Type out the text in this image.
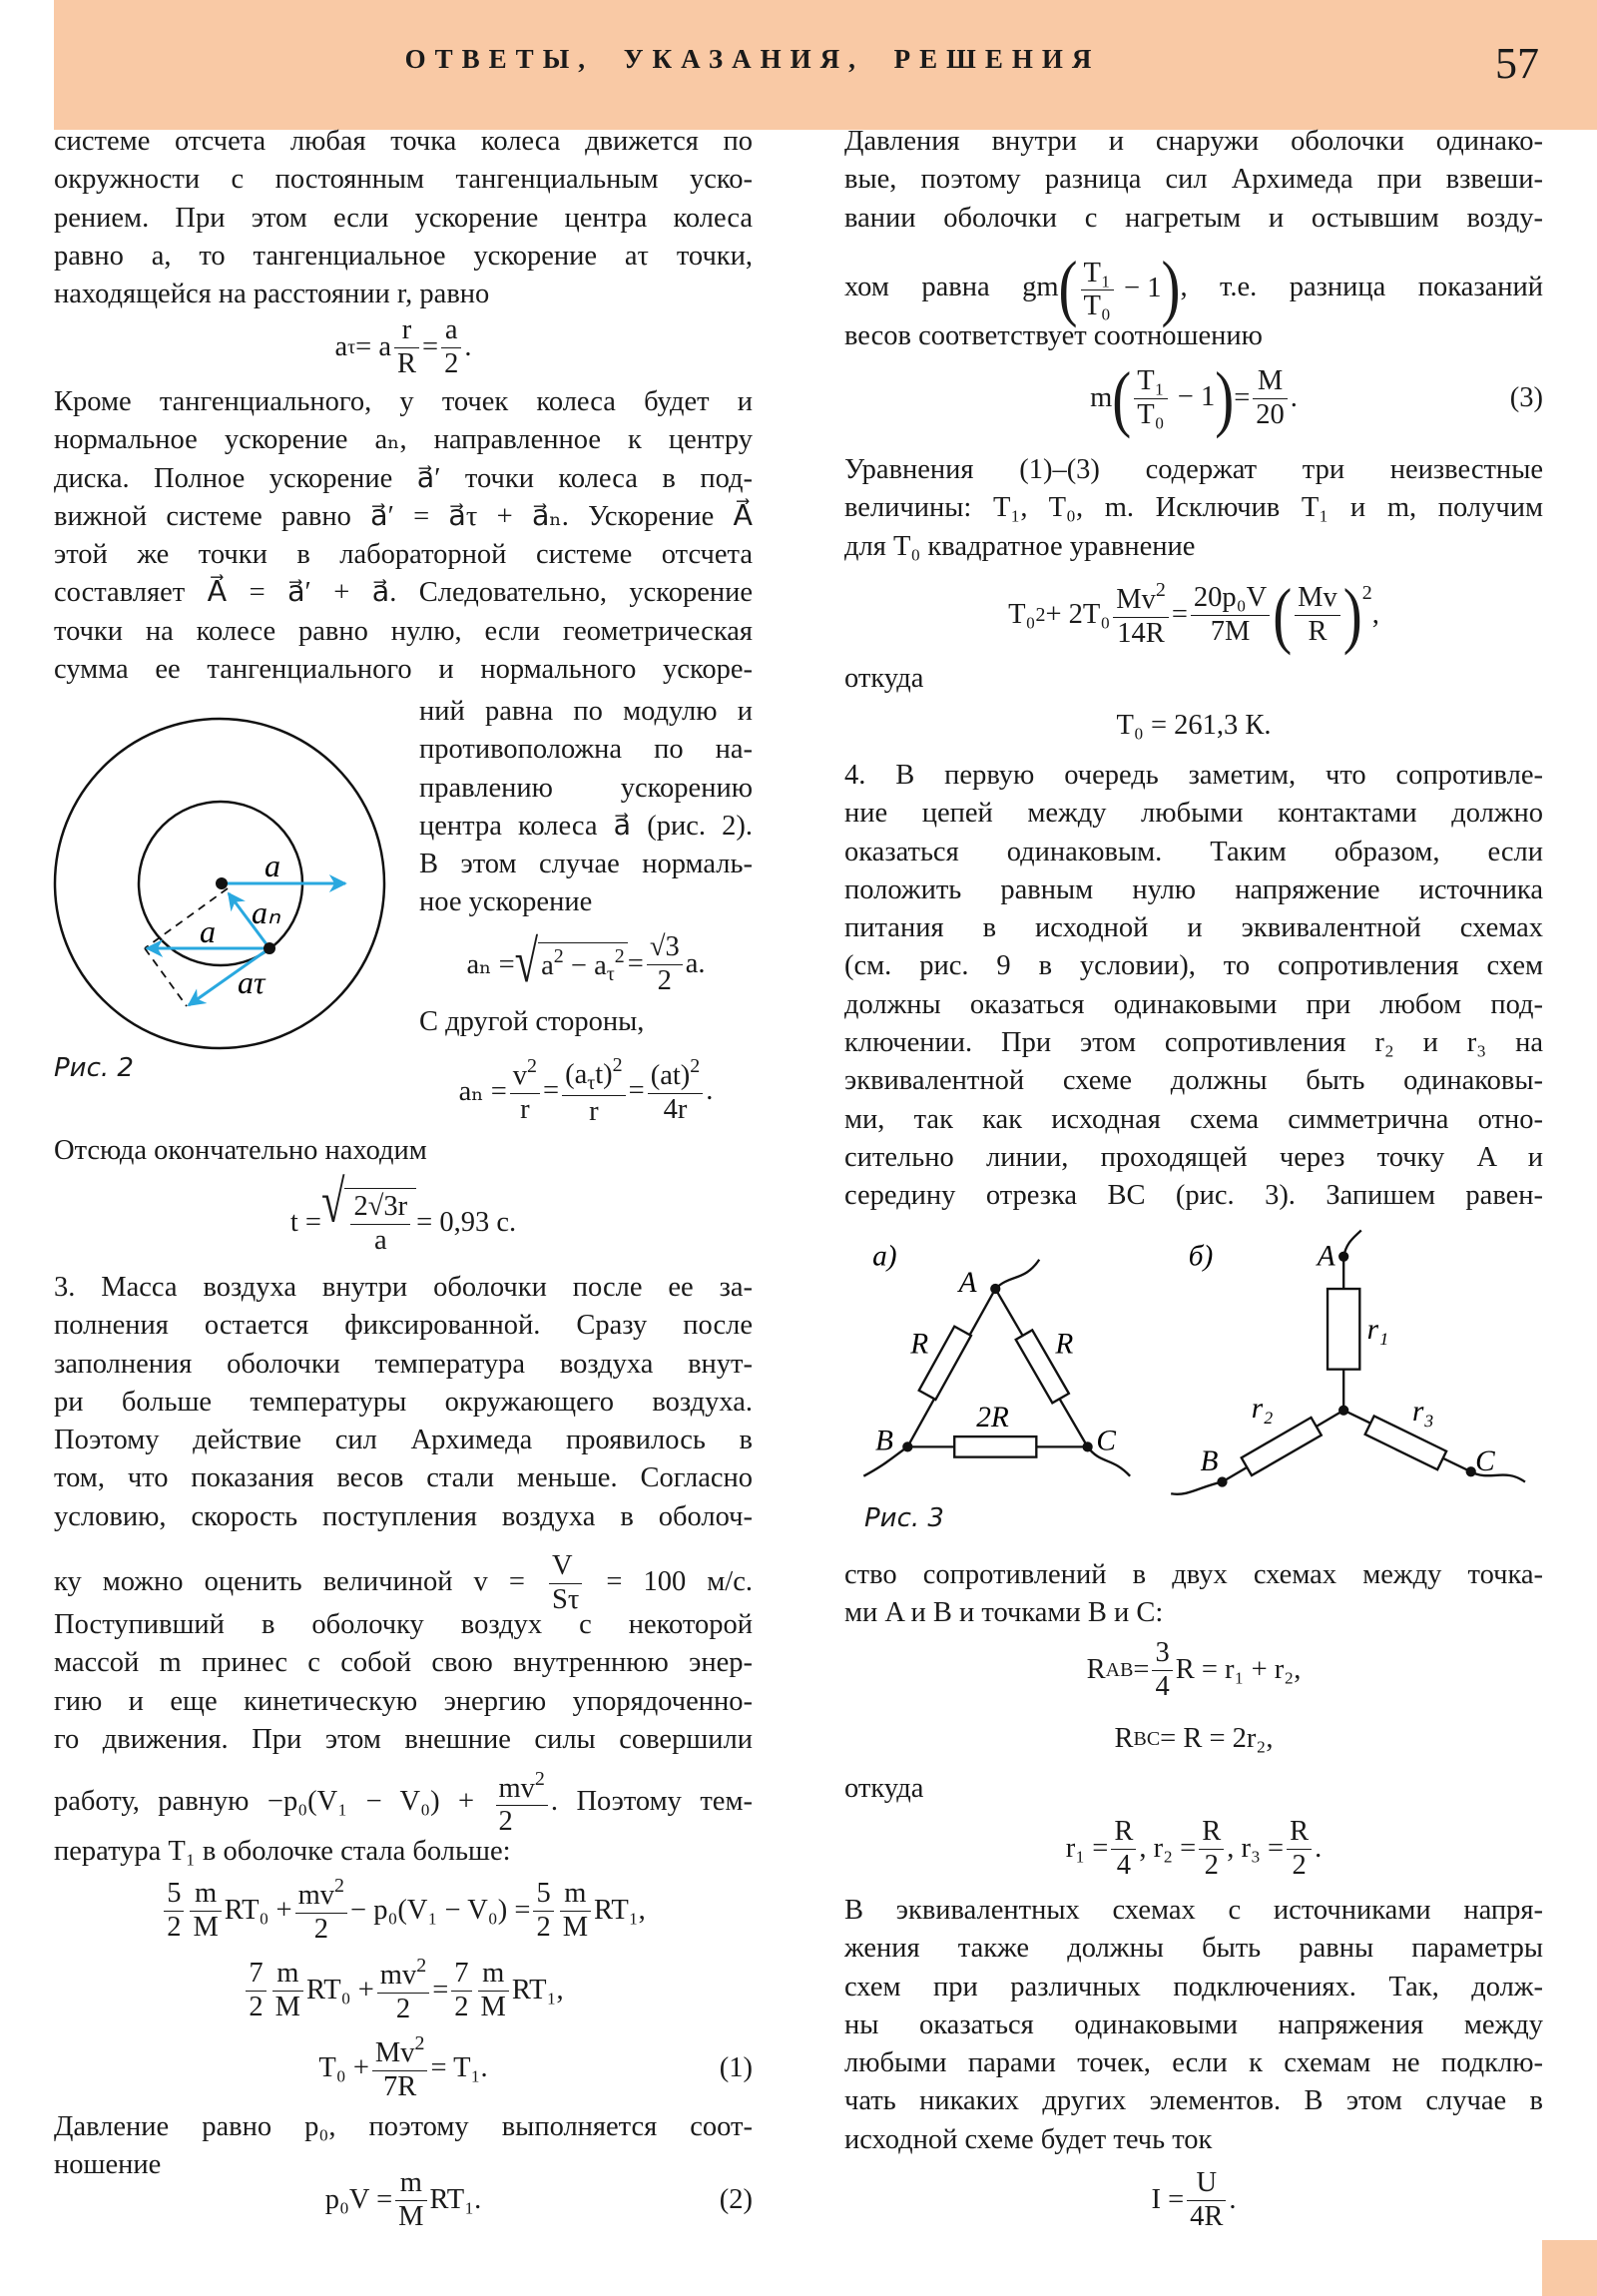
ОТВЕТЫ, УКАЗАНИЯ, РЕШЕНИЯ	57
системе отсчета любая точка колеса движется по
окружности с постоянным тангенциальным уско-
рением. При этом если ускорение центра колеса
равно a, то тангенциальное ускорение aτ точки,
находящейся на расстоянии r, равно
a τ = a $\frac{r}{R} = \frac{a}{2}$ .
Кроме тангенциального, у точек колеса будет и
нормальное ускорение aₙ, направленное к центру
диска. Полное ускорение a⃗′ точки колеса в под-
вижной системе равно a⃗′ = a⃗τ + a⃗ₙ. Ускорение A⃗
этой же точки в лабораторной системе отсчета
составляет A⃗ = a⃗′ + a⃗. Следовательно, ускорение
точки на колесе равно нулю, если геометрическая
сумма ее тангенциального и нормального ускоре-
ний равна по модулю и
противоположна по на-
правлению ускорению
центра колеса a⃗ (рис. 2).
В этом случае нормаль-
ное ускорение
a
a
aₙ
aτ
Рис. 2
aₙ = √ $a^2 - a_\tau^2 = \frac{√3}{2} a$.
С другой стороны,
$a_n = \frac{v^2}{r} = \frac{(a_\tau t)^2}{r} = \frac{(at)^2}{4r}$ .
Отсюда окончательно находим
t = √ $\frac{2√3r}{a} = 0,93$ с.
3. Масса воздуха внутри оболочки после ее за-
полнения остается фиксированной. Сразу после
заполнения оболочки температура воздуха внут-
ри больше температуры окружающего воздуха.
Поэтому действие сил Архимеда проявилось в
том, что показания весов стали меньше. Согласно
условию, скорость поступления воздуха в оболоч-
ку можно оценить величиной $v = \frac{V}{S\tau} = 100$ м/с.
Поступивший в оболочку воздух с некоторой
массой m принес с собой свою внутреннюю энер-
гию и еще кинетическую энергию упорядоченно-
го движения. При этом внешние силы совершили
работу, равную $-p_0(V_1 - V_0) + \frac{mv^2}{2}$ . Поэтому тем-
пература T₁ в оболочке стала больше:
$\frac{5}{2} \frac{m}{M} RT_0 + \frac{mv^2}{2} - p_0(V_1 - V_0) = \frac{5}{2} \frac{m}{M} RT_1$,
$\frac{7}{2} \frac{m}{M} RT_0 + \frac{mv^2}{2} = \frac{7}{2} \frac{m}{M} RT_1$,
$T_0 + \frac{Mv^2}{7R} = T_1$.	(1)
Давление равно p₀, поэтому выполняется соот-
ношение
$p_0V = \frac{m}{M} RT_1$.	(2)
Давления внутри и снаружи оболочки одинако-
вые, поэтому разница сил Архимеда при взвеши-
вании оболочки с нагретым и остывшим возду-
хом равна gm ( $\frac{\text{T₁}}{\text{T₀}} - 1$ ) , т.е. разница показаний
весов соответствует соотношению
m ( $\frac{\text{T₁}}{\text{T₀}} - 1$ ) = $\frac{M}{20}$ .	(3)
Уравнения (1)–(3) содержат три неизвестные
величины: T₁, T₀, m. Исключив T₁ и m, получим
для T₀ квадратное уравнение
T₀ $2 + 2T_0 \frac{Mv^2}{14R} = \frac{\text{20p₀V}}{7M}$ ( $\frac{Mv}{R}$ ) 2
,
откуда
T₀ = 261,3 К.
4. В первую очередь заметим, что сопротивле-
ние цепей между любыми контактами должно
оказаться одинаковым. Таким образом, если
положить равным нулю напряжение источника
питания в исходной и эквивалентной схемах
(см. рис. 9 в условии), то сопротивления схем
должны оказаться одинаковыми при любом под-
ключении. При этом сопротивления r₂ и r₃ на
эквивалентной схеме должны быть одинаковы-
ми, так как исходная схема симметрична отно-
сительно линии, проходящей через точку A и
середину отрезка BC (рис. 3). Запишем равен-
а)
A
B	C
R	R
2R
б)	A
B	C
r₁
r₂	r₃
Рис. 3
ство сопротивлений в двух схемах между точка-
ми A и B и точками B и C:
R AB = $\frac{3}{4}$ R = r₁ + r₂,
R BC = R = 2r₂,
откуда
$r_1 = \frac{R}{4}$ , $r_2 = \frac{R}{2}$ , $r_3 = \frac{R}{2}$ .
В эквивалентных схемах с источниками напря-
жения также должны быть равны параметры
схем при различных подключениях. Так, долж-
ны оказаться одинаковыми напряжения между
любыми парами точек, если к схемам не подклю-
чать никаких других элементов. В этом случае в
исходной схеме будет течь ток
$I = \frac{U}{4R}$ .
